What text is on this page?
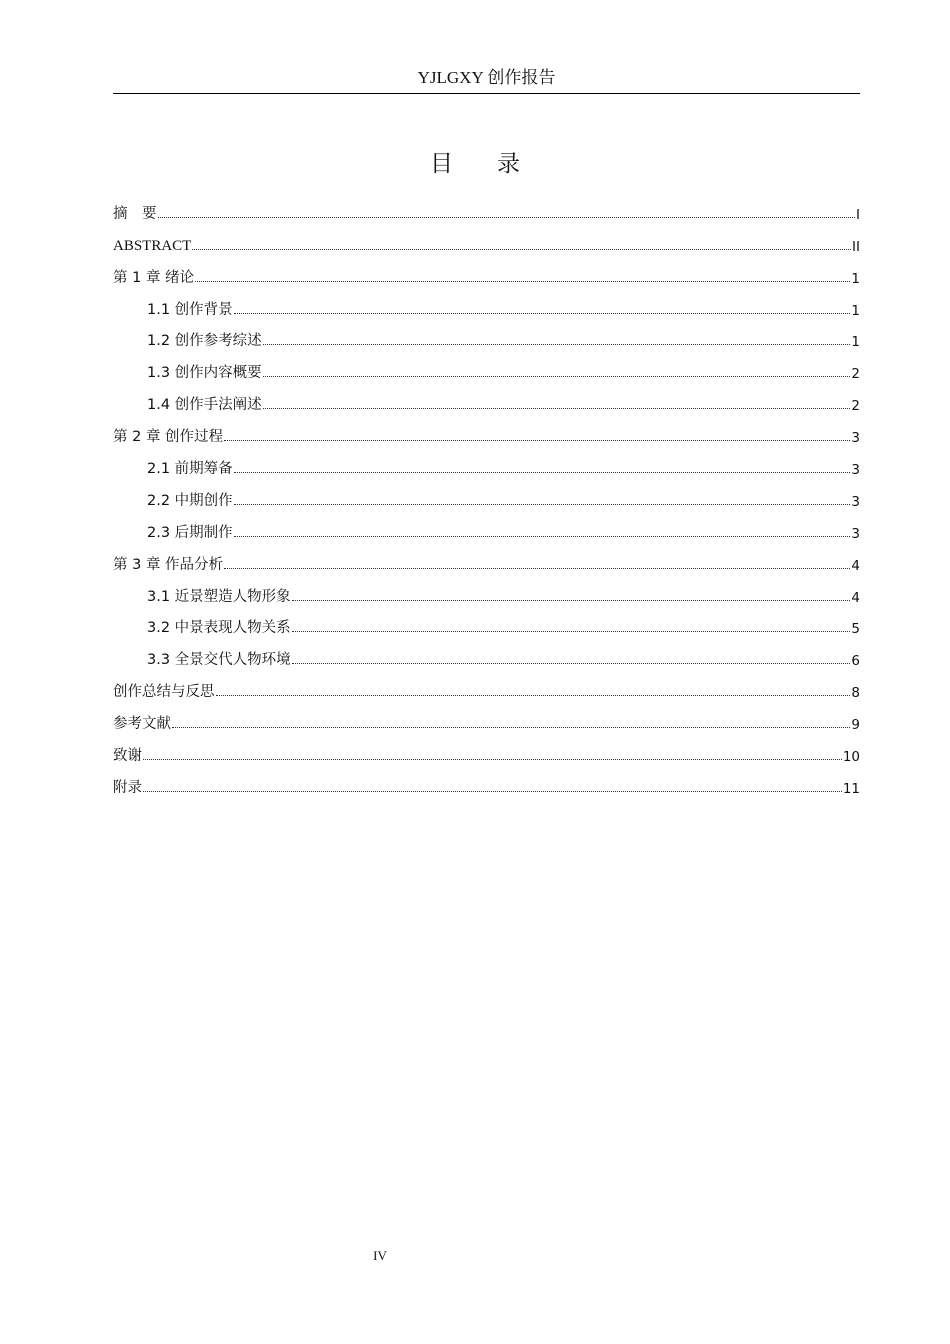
YJLGXY 创作报告
目 录
摘　要	I
ABSTRACT	II
第 1 章 绪论	1
1.1 创作背景	1
1.2 创作参考综述	1
1.3 创作内容概要	2
1.4 创作手法阐述	2
第 2 章 创作过程	3
2.1 前期筹备	3
2.2 中期创作	3
2.3 后期制作	3
第 3 章 作品分析	4
3.1 近景塑造人物形象	4
3.2 中景表现人物关系	5
3.3 全景交代人物环境	6
创作总结与反思	8
参考文献	9
致谢	10
附录	11
IV
